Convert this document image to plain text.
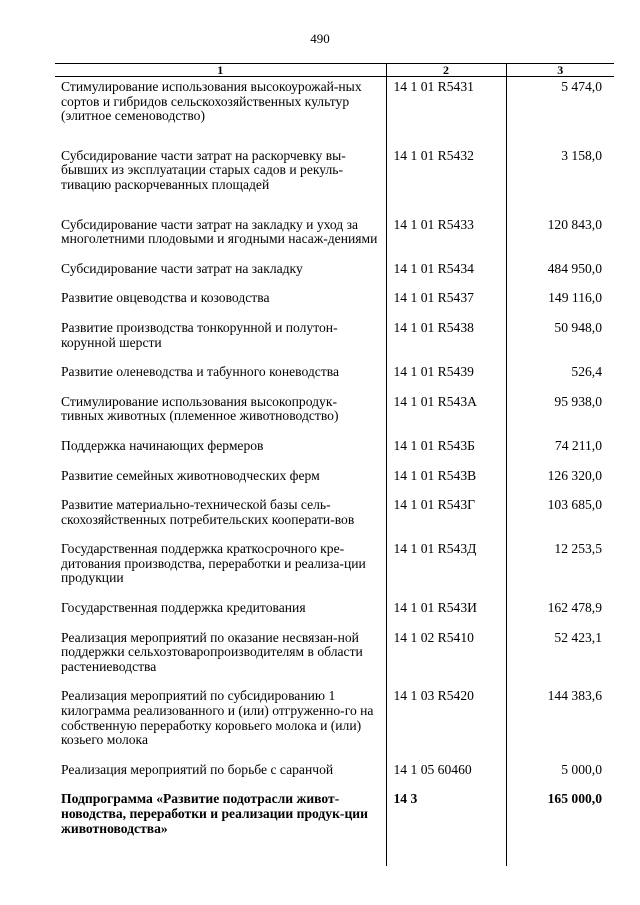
490
1	2	3
Стимулирование использования высокоурожай-ных сортов и гибридов сельскохозяйственных культур (элитное семеноводство)	14 1 01 R5431	5 474,0
Субсидирование части затрат на раскорчевку вы-бывших из эксплуатации старых садов и рекуль-тивацию раскорчеванных площадей	14 1 01 R5432	3 158,0
Субсидирование части затрат на закладку и уход за многолетними плодовыми и ягодными насаж-дениями	14 1 01 R5433	120 843,0
Субсидирование части затрат на закладку	14 1 01 R5434	484 950,0
Развитие овцеводства и козоводства	14 1 01 R5437	149 116,0
Развитие производства тонкорунной и полутон-корунной шерсти	14 1 01 R5438	50 948,0
Развитие оленеводства и табунного коневодства	14 1 01 R5439	526,4
Стимулирование использования высокопродук-тивных животных (племенное животноводство)	14 1 01 R543A	95 938,0
Поддержка начинающих фермеров	14 1 01 R543Б	74 211,0
Развитие семейных животноводческих ферм	14 1 01 R543B	126 320,0
Развитие материально-технической базы сель-скохозяйственных потребительских кооперати-вов	14 1 01 R543Г	103 685,0
Государственная поддержка краткосрочного кре-дитования производства, переработки и реализа-ции продукции	14 1 01 R543Д	12 253,5
Государственная поддержка кредитования	14 1 01 R543И	162 478,9
Реализация мероприятий по оказание несвязан-ной поддержки сельхозтоваропроизводителям в области растениеводства	14 1 02 R5410	52 423,1
Реализация мероприятий по субсидированию 1 килограмма реализованного и (или) отгруженно-го на собственную переработку коровьего молока и (или) козьего молока	14 1 03 R5420	144 383,6
Реализация мероприятий по борьбе с саранчой	14 1 05 60460	5 000,0
Подпрограмма «Развитие подотрасли живот-новодства, переработки и реализации продук-ции животноводства»	14 3	165 000,0
